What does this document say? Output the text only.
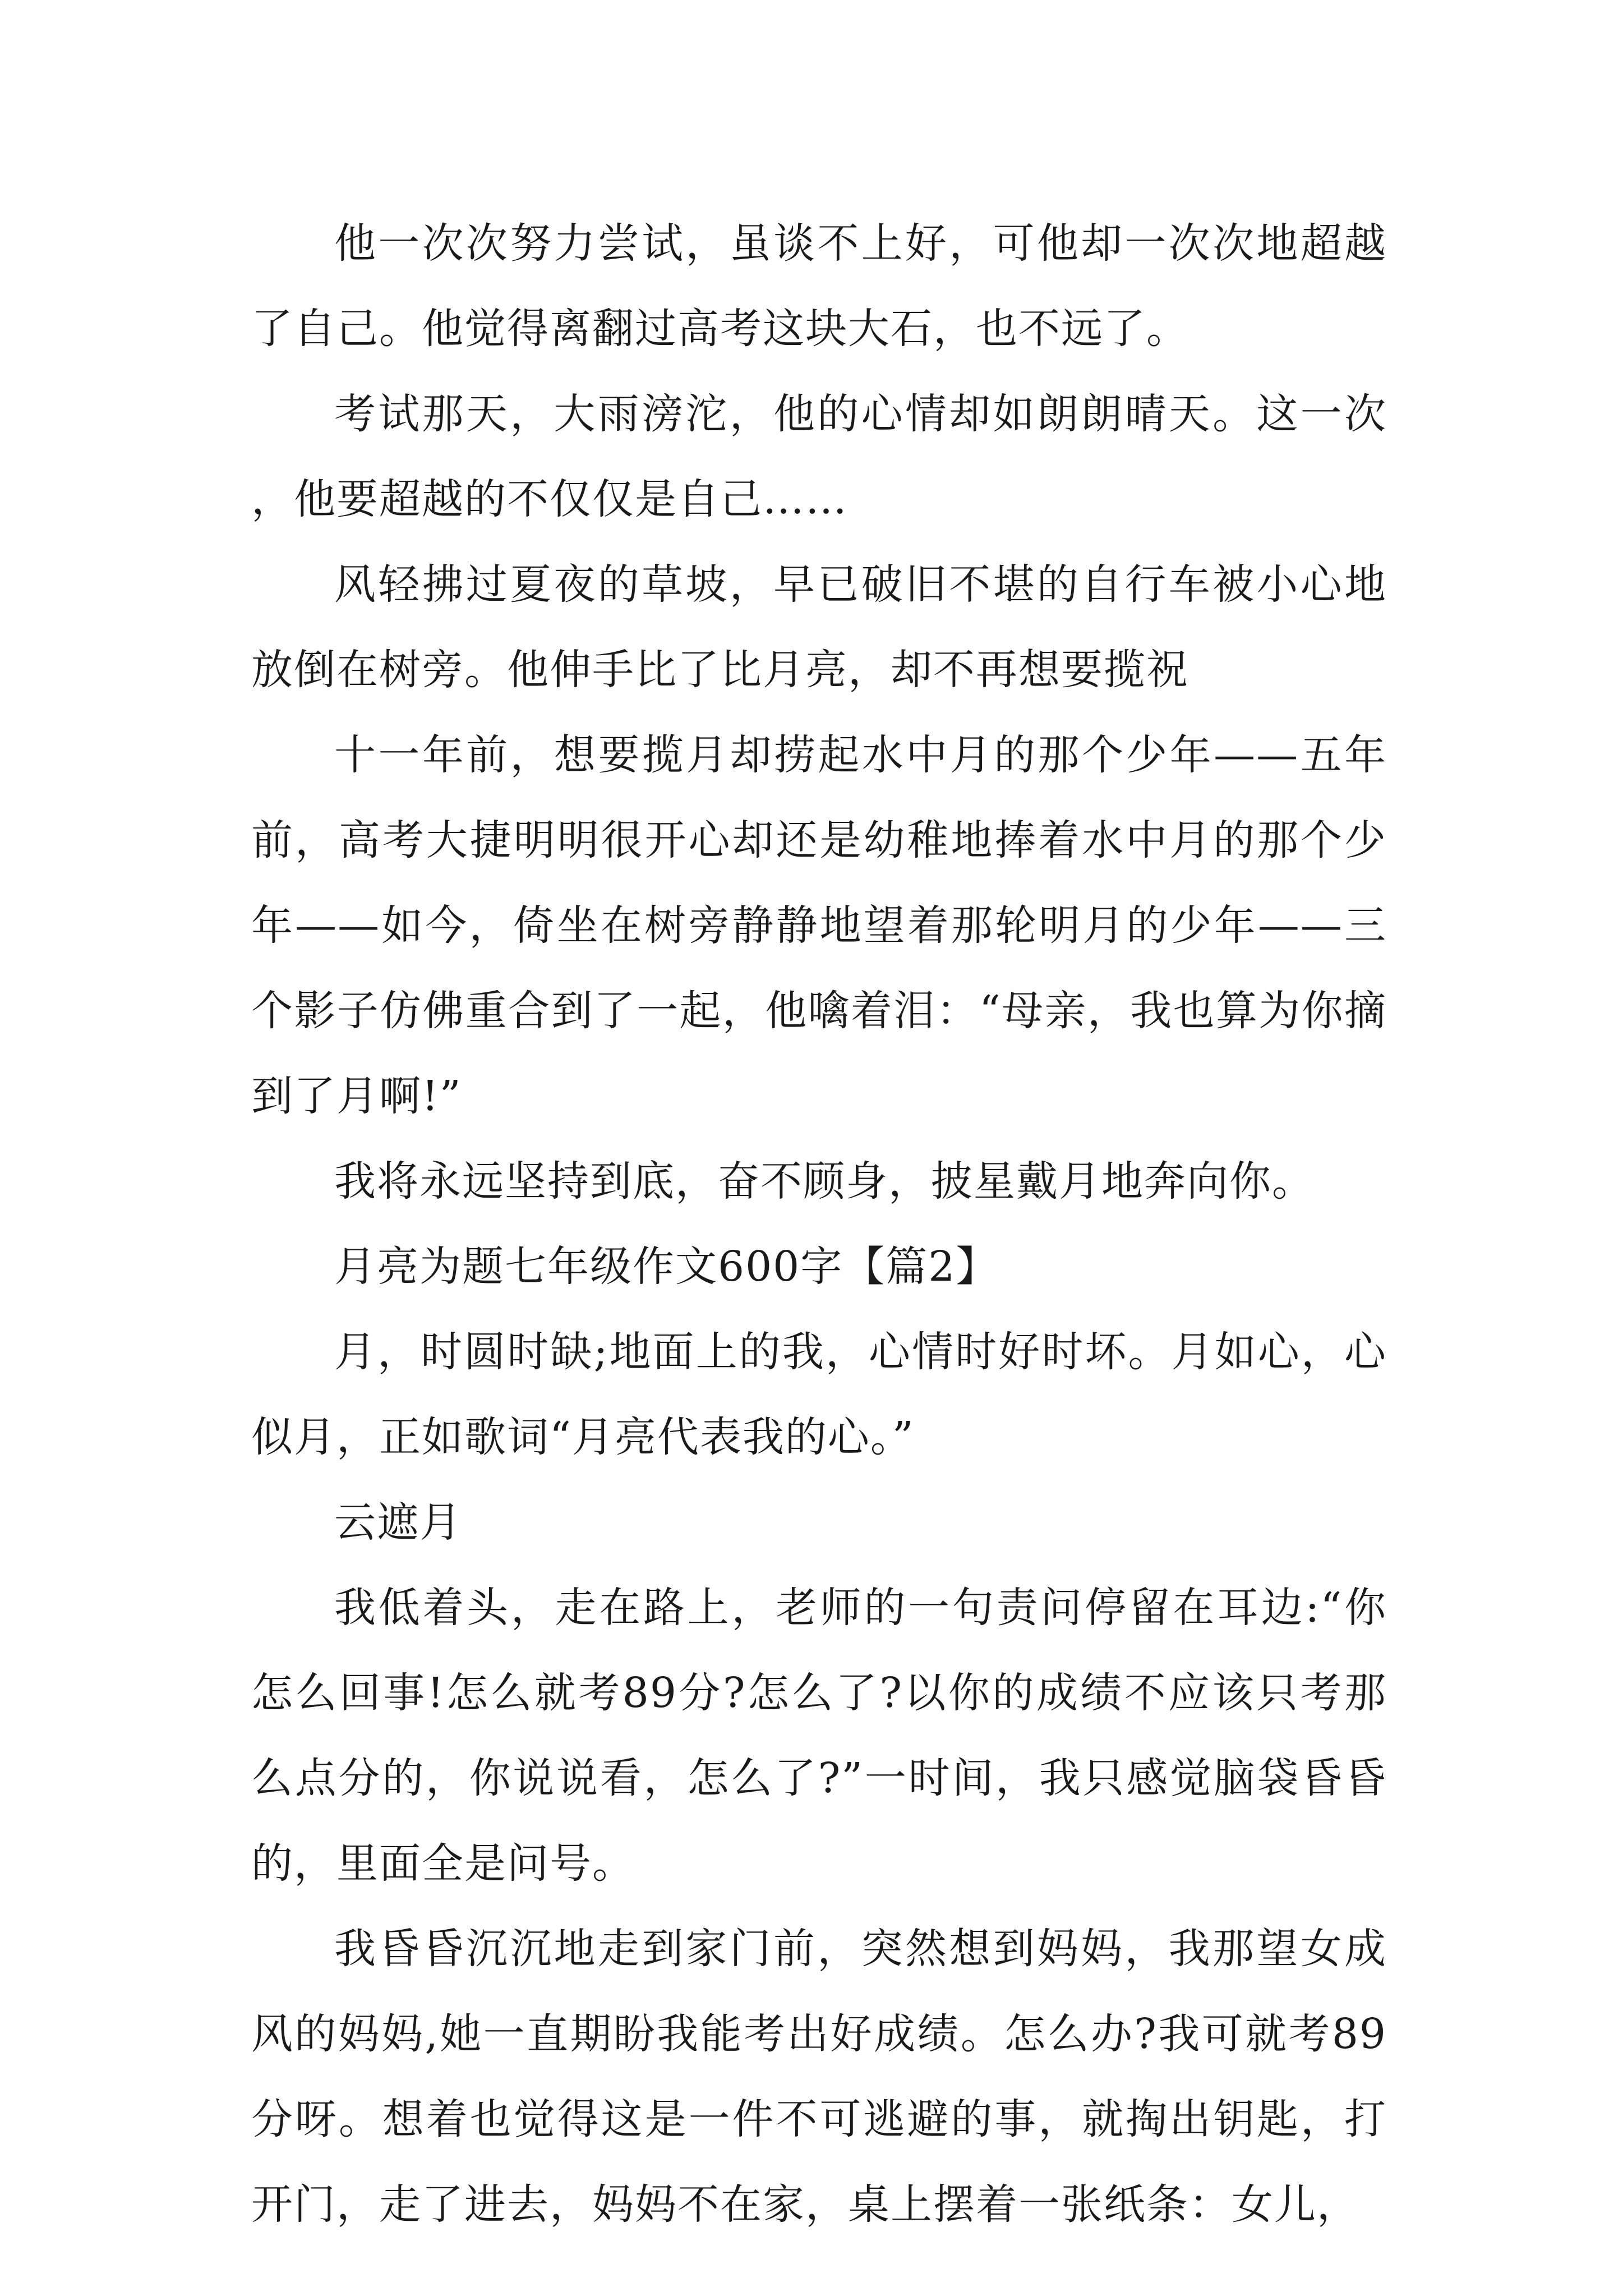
他一次次努力尝试，虽谈不上好，可他却一次次地超越了自己。他觉得离翻过高考这块大石，也不远了。

考试那天，大雨滂沱，他的心情却如朗朗晴天。这一次，他要超越的不仅仅是自己……

风轻拂过夏夜的草坡，早已破旧不堪的自行车被小心地放倒在树旁。他伸手比了比月亮，却不再想要揽祝

十一年前，想要揽月却捞起水中月的那个少年——五年前，高考大捷明明很开心却还是幼稚地捧着水中月的那个少年——如今，倚坐在树旁静静地望着那轮明月的少年——三个影子仿佛重合到了一起，他噙着泪：“母亲，我也算为你摘到了月啊!”

我将永远坚持到底，奋不顾身，披星戴月地奔向你。

月亮为题七年级作文600字【篇2】

月，时圆时缺;地面上的我，心情时好时坏。月如心，心似月，正如歌词“月亮代表我的心。”

云遮月

我低着头，走在路上，老师的一句责问停留在耳边:“你怎么回事!怎么就考89分?怎么了?以你的成绩不应该只考那么点分的，你说说看，怎么了?”一时间，我只感觉脑袋昏昏的，里面全是问号。

我昏昏沉沉地走到家门前，突然想到妈妈，我那望女成风的妈妈,她一直期盼我能考出好成绩。怎么办?我可就考89分呀。想着也觉得这是一件不可逃避的事，就掏出钥匙，打开门，走了进去，妈妈不在家，桌上摆着一张纸条：女儿，
